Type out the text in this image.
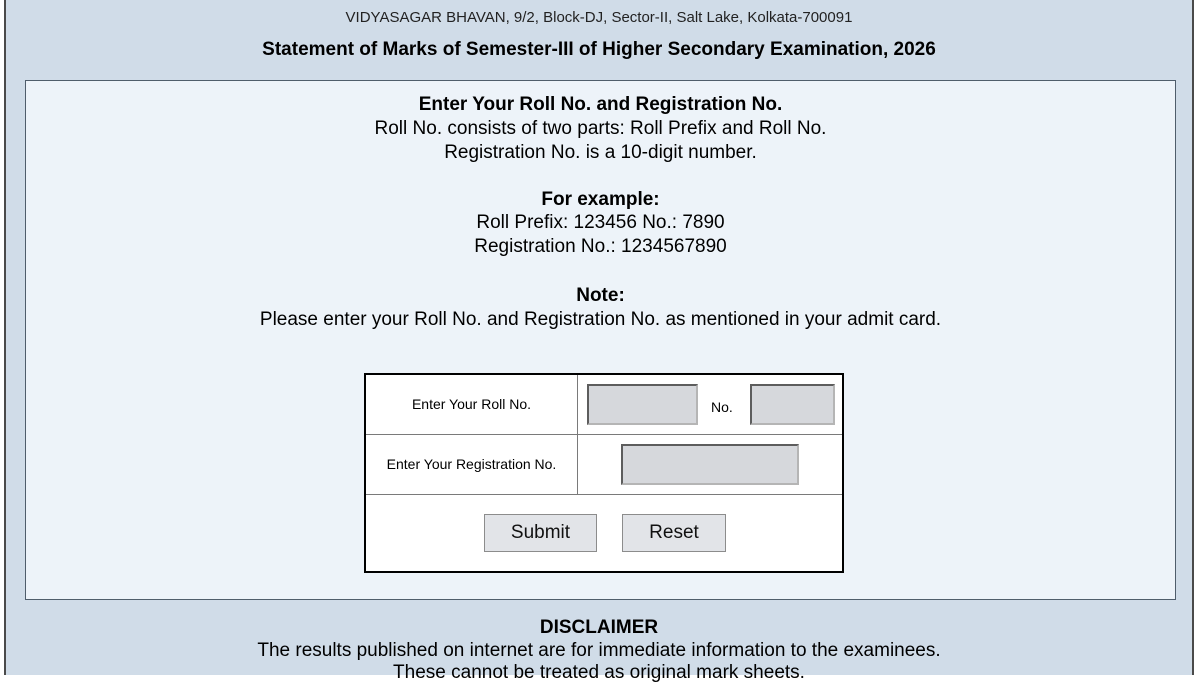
VIDYASAGAR BHAVAN, 9/2, Block-DJ, Sector-II, Salt Lake, Kolkata-700091
Statement of Marks of Semester-III of Higher Secondary Examination, 2026
Enter Your Roll No. and Registration No.
Roll No. consists of two parts: Roll Prefix and Roll No.
Registration No. is a 10-digit number.
For example:
Roll Prefix: 123456 No.: 7890
Registration No.: 1234567890
Note:
Please enter your Roll No. and Registration No. as mentioned in your admit card.
Enter Your Roll No.	No.
Enter Your Registration No.
Submit	Reset
DISCLAIMER
The results published on internet are for immediate information to the examinees.
These cannot be treated as original mark sheets.
